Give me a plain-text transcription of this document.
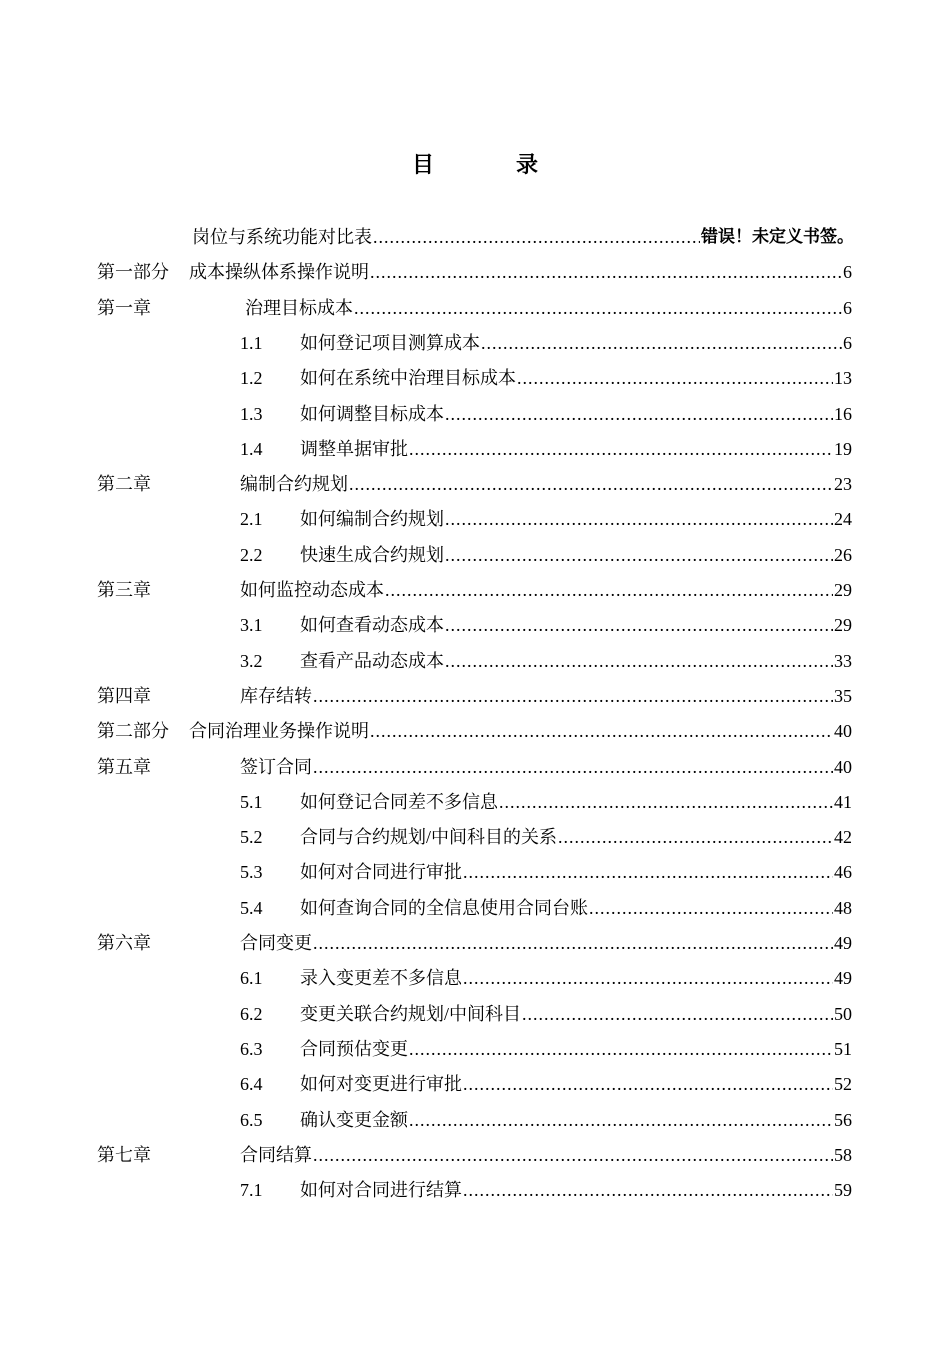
目　录
岗位与系统功能对比表 .....	错误！未定义书签。
第一部分	成本操纵体系操作说明 .....	6
第一章	治理目标成本 .....	6
1.1	如何登记项目测算成本 .....	6
1.2	如何在系统中治理目标成本 .....	13
1.3	如何调整目标成本 .....	16
1.4	调整单据审批 .....	19
第二章	编制合约规划 .....	23
2.1	如何编制合约规划 .....	24
2.2	快速生成合约规划 .....	26
第三章	如何监控动态成本 .....	29
3.1	如何查看动态成本 .....	29
3.2	查看产品动态成本 .....	33
第四章	库存结转 .....	35
第二部分	合同治理业务操作说明 .....	40
第五章	签订合同 .....	40
5.1	如何登记合同差不多信息 .....	41
5.2	合同与合约规划/中间科目的关系 .....	42
5.3	如何对合同进行审批 .....	46
5.4	如何查询合同的全信息使用合同台账 .....	48
第六章	合同变更 .....	49
6.1	录入变更差不多信息 .....	49
6.2	变更关联合约规划/中间科目 .....	50
6.3	合同预估变更 .....	51
6.4	如何对变更进行审批 .....	52
6.5	确认变更金额 .....	56
第七章	合同结算 .....	58
7.1	如何对合同进行结算 .....	59
